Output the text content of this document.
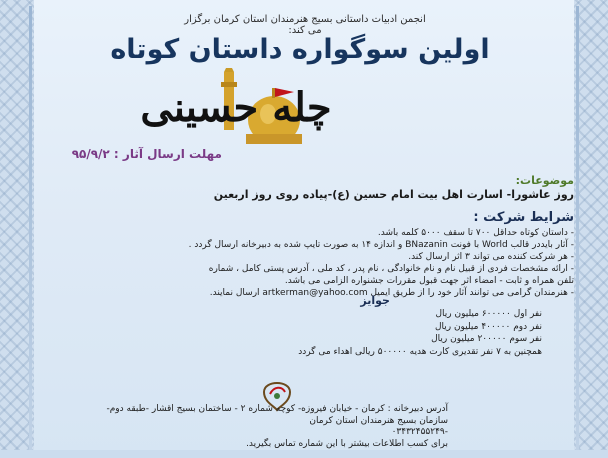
انجمن ادبیات داستانی بسیج هنرمندان استان کرمان برگزار می کند:
اولین سوگواره داستان کوتاه
چله حسینی
مهلت ارسال آثار : ۹۵/۹/۲
موضوعات:
روز عاشورا- اسارت اهل بیت امام حسین (ع)-پیاده روی روز اربعین
شرایط شرکت :
- داستان کوتاه حداقل ۷۰۰ تا سقف ۵۰۰۰ کلمه باشد.
- آثار بایددر قالب World با فونت BNazanin و اندازه ۱۴ به صورت تایپ شده به دبیرخانه ارسال گردد .
- هر شرکت کننده می تواند ۳ اثر ارسال کند.
- ارائه مشخصات فردی از قبیل نام و نام خانوادگی ، نام پدر ، کد ملی ، آدرس پستی کامل ، شماره
تلفن همراه و ثابت - امضاء اثر جهت قبول مقررات جشنواره الزامی می باشد.
- هنرمندان گرامی می توانند آثار خود را از طریق ایمیل artkerman@yahoo.com ارسال نمایند.
جوایز
نفر اول ۶۰۰۰۰۰ میلیون ریال
نفر دوم ۴۰۰۰۰۰ میلیون ریال
نفر سوم ۲۰۰۰۰۰ میلیون ریال
همچنین به ۷ نفر تقدیری کارت هدیه ۵۰۰۰۰۰ ریالی اهداء می گردد
آدرس دبیرخانه : کرمان - خیابان فیروزه- کوچه شماره ۲ - ساختمان بسیج اقشار -طبقه دوم-
سازمان بسیج هنرمندان استان کرمان
-۰۳۴۳۲۴۵۵۲۴۹
برای کسب اطلاعات بیشتر با این شماره تماس بگیرید.
